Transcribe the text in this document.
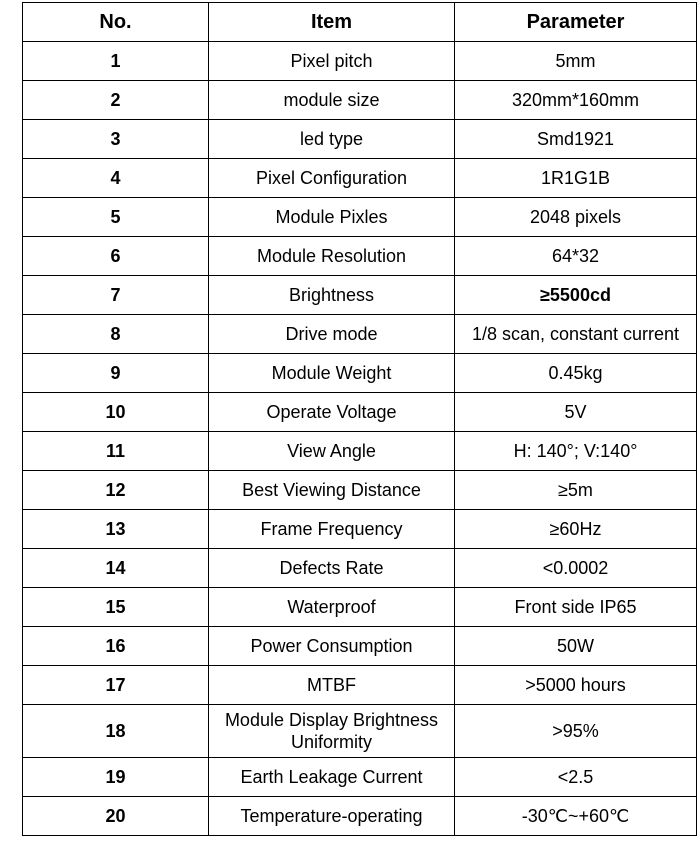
No.	Item	Parameter
1	Pixel pitch	5mm
2	module size	320mm*160mm
3	led type	Smd1921
4	Pixel Configuration	1R1G1B
5	Module Pixles	2048 pixels
6	Module Resolution	64*32
7	Brightness	≥5500cd
8	Drive mode	1/8 scan, constant current
9	Module Weight	0.45kg
10	Operate Voltage	5V
11	View Angle	H: 140°; V:140°
12	Best Viewing Distance	≥5m
13	Frame Frequency	≥60Hz
14	Defects Rate	<0.0002
15	Waterproof	Front side IP65
16	Power Consumption	50W
17	MTBF	>5000 hours
18	Module Display Brightness Uniformity	>95%
19	Earth Leakage Current	<2.5
20	Temperature-operating	-30℃~+60℃
